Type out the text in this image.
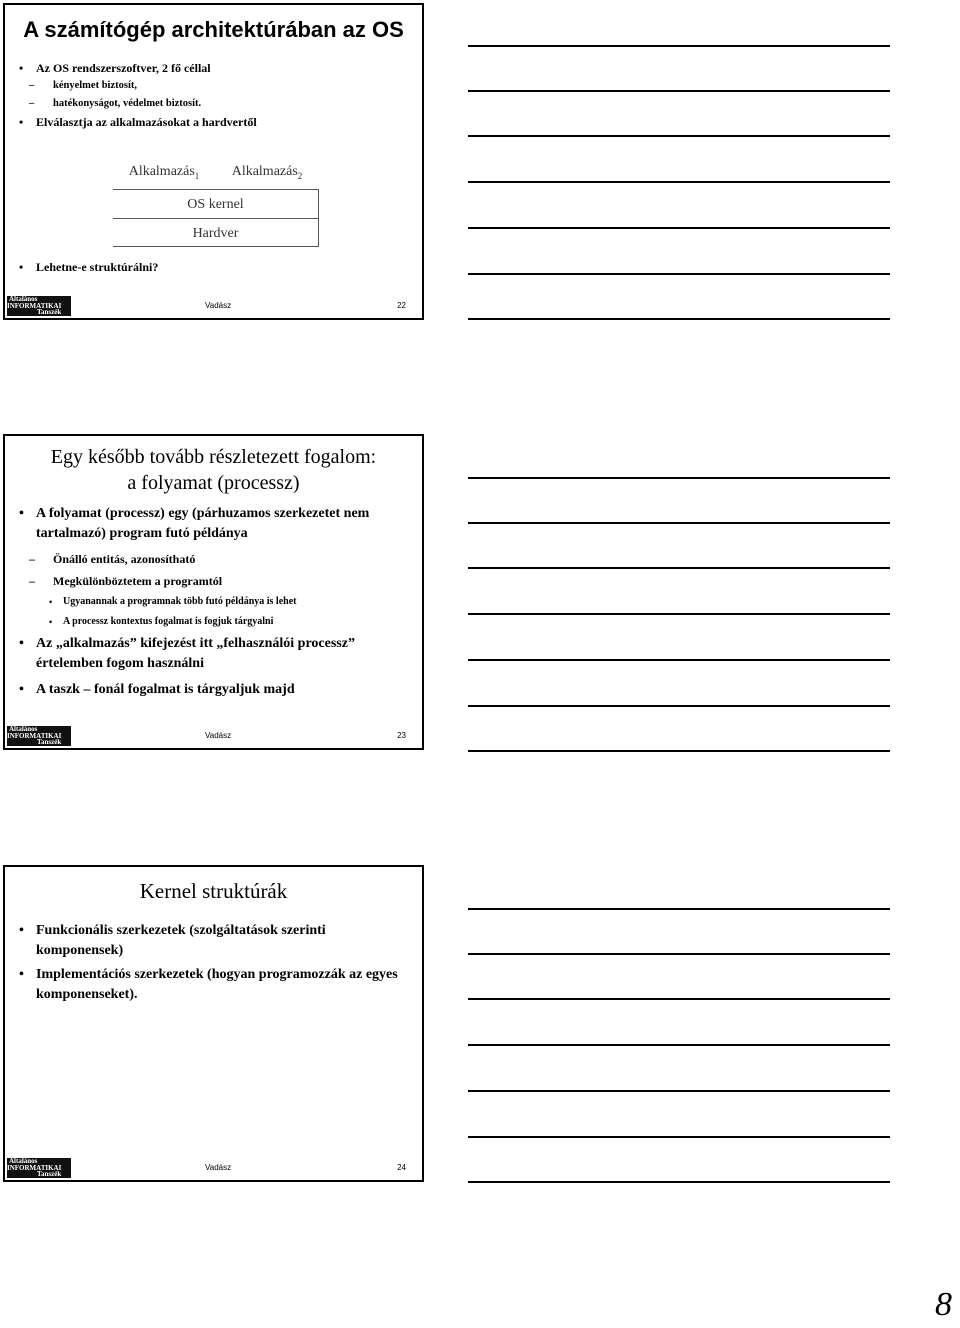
A számítógép architektúrában az OS
• Az OS rendszerszoftver, 2 fő céllal
– kényelmet biztosít,
– hatékonyságot, védelmet biztosít.
• Elválasztja az alkalmazásokat a hardvertől
Alkalmazás$_1$	Alkalmazás$_2$
OS kernel
Hardver
• Lehetne-e struktúrálni?
Általános
INFORMATIKAI
Tanszék
Vadász	22
Egy később tovább részletezett fogalom:
a folyamat (processz)
• A folyamat (processz) egy (párhuzamos szerkezetet nem tartalmazó) program futó példánya
– Önálló entitás, azonosítható
– Megkülönböztetem a programtól
• Ugyanannak a programnak több futó példánya is lehet
• A processz kontextus fogalmat is fogjuk tárgyalni
• Az „alkalmazás” kifejezést itt „felhasználói processz” értelemben fogom használni
• A taszk – fonál fogalmat is tárgyaljuk majd
Általános
INFORMATIKAI
Tanszék
Vadász	23
Kernel struktúrák
• Funkcionális szerkezetek (szolgáltatások szerinti komponensek)
• Implementációs szerkezetek (hogyan programozzák az egyes komponenseket).
Általános
INFORMATIKAI
Tanszék
Vadász	24
8
